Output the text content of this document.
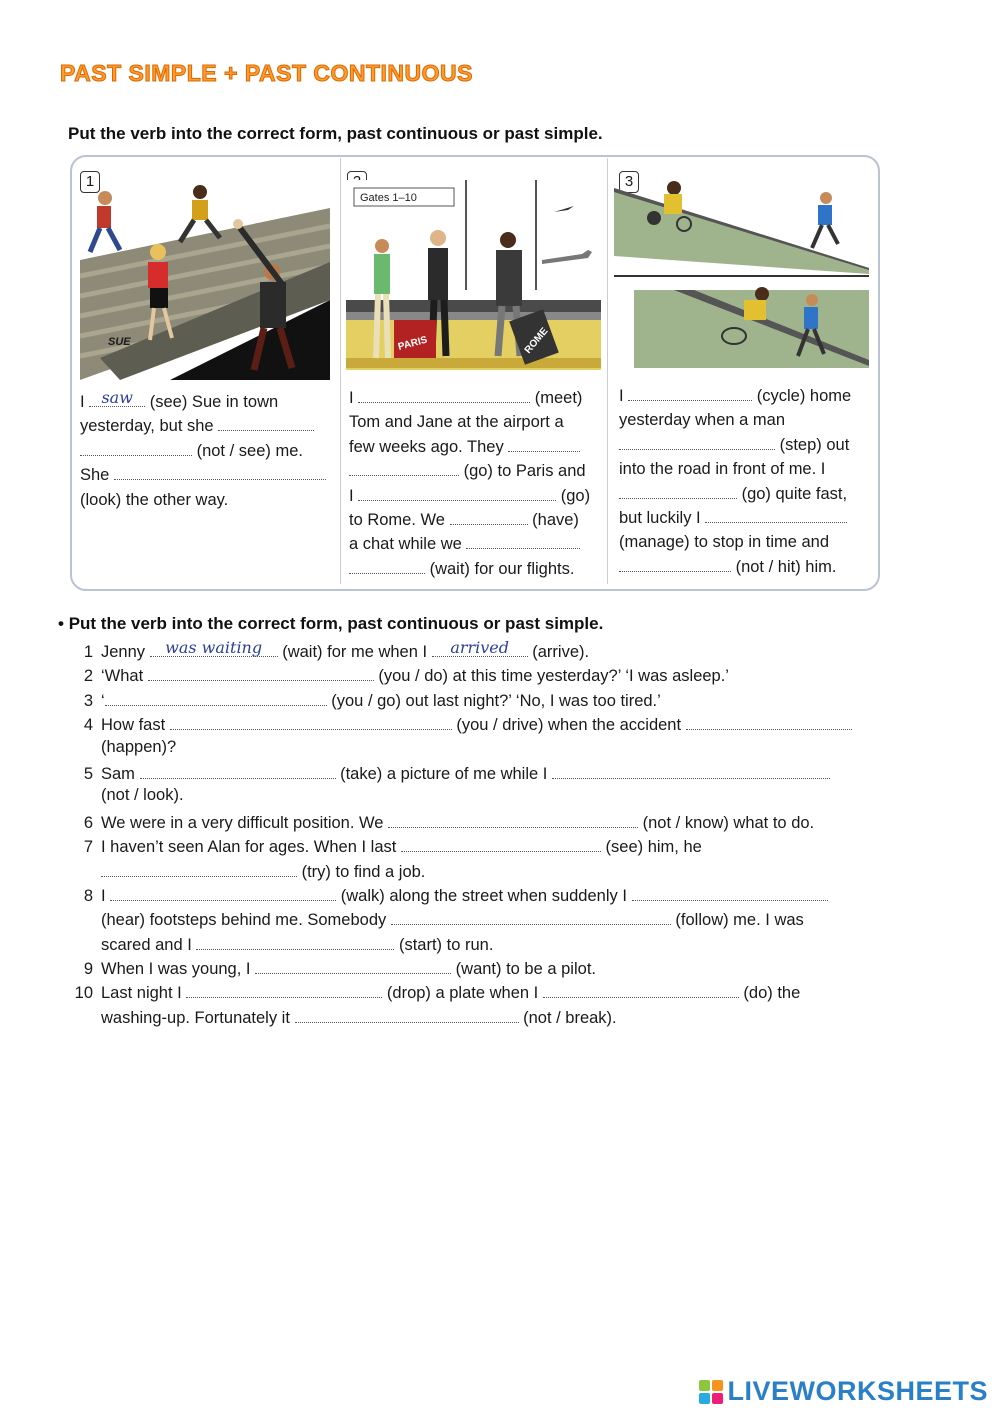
PAST SIMPLE + PAST CONTINUOUS
Put the verb into the correct form, past continuous or past simple.
1
SUE
I saw (see) Sue in town
yesterday, but she
(not / see) me.
She
(look) the other way.
Gates 1–10
PARIS	ROME
I	(meet)
Tom and Jane at the airport a
few weeks ago. They
(go) to Paris and
I	(go)
to Rome. We	(have)
a chat while we
(wait) for our flights.
3
I	(cycle) home
yesterday when a man
(step) out
into the road in front of me. I
(go) quite fast,
but luckily I
(manage) to stop in time and
(not / hit) him.
• Put the verb into the correct form, past continuous or past simple.
1 Jenny was waiting (wait) for me when I	arrived	(arrive).
2 ‘What	(you / do) at this time yesterday?’ ‘I was asleep.’
3 ‘	(you / go) out last night?’ ‘No, I was too tired.’
4 How fast	(you / drive) when the accident
(happen)?
5 Sam	(take) a picture of me while I
(not / look).
6 We were in a very difficult position. We	(not / know) what to do.
7 I haven’t seen Alan for ages. When I last	(see) him, he
(try) to find a job.
8 I	(walk) along the street when suddenly I
(hear) footsteps behind me. Somebody	(follow) me. I was
scared and I	(start) to run.
9 When I was young, I	(want) to be a pilot.
10 Last night I	(drop) a plate when I	(do) the
washing-up. Fortunately it	(not / break).
LIVEWORKSHEETS
